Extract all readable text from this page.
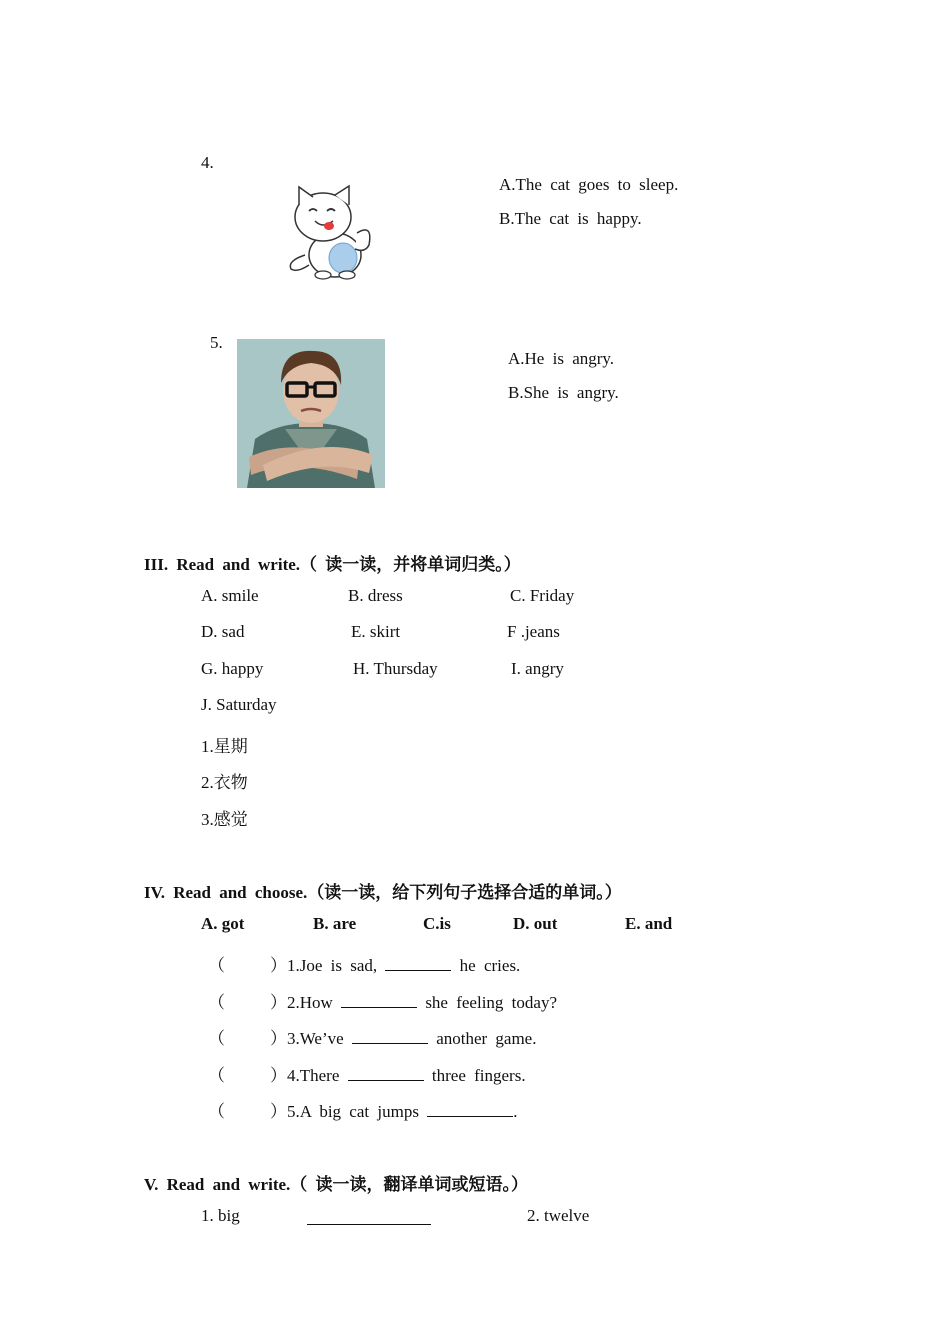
4.
A.The cat goes to sleep.
B.The cat is happy.
5.
A.He is angry.
B.She is angry.
III. Read and write.（ 读一读，并将单词归类。）
A. smile	B. dress	C. Friday
D. sad	E. skirt	F .jeans
G. happy	H. Thursday	I. angry
J. Saturday
1.星期
2.衣物
3.感觉
IV. Read and choose.（读一读，给下列句子选择合适的单词。）
A. got	B. are	C.is	D. out	E. and
（	）1.Joe is sad,	he cries.
（	）2.How	she feeling today?
（	）3.We’ve	another game.
（	）4.There	three fingers.
（	）5.A big cat jumps	.
V. Read and write.（ 读一读，翻译单词或短语。）
1. big	2. twelve
